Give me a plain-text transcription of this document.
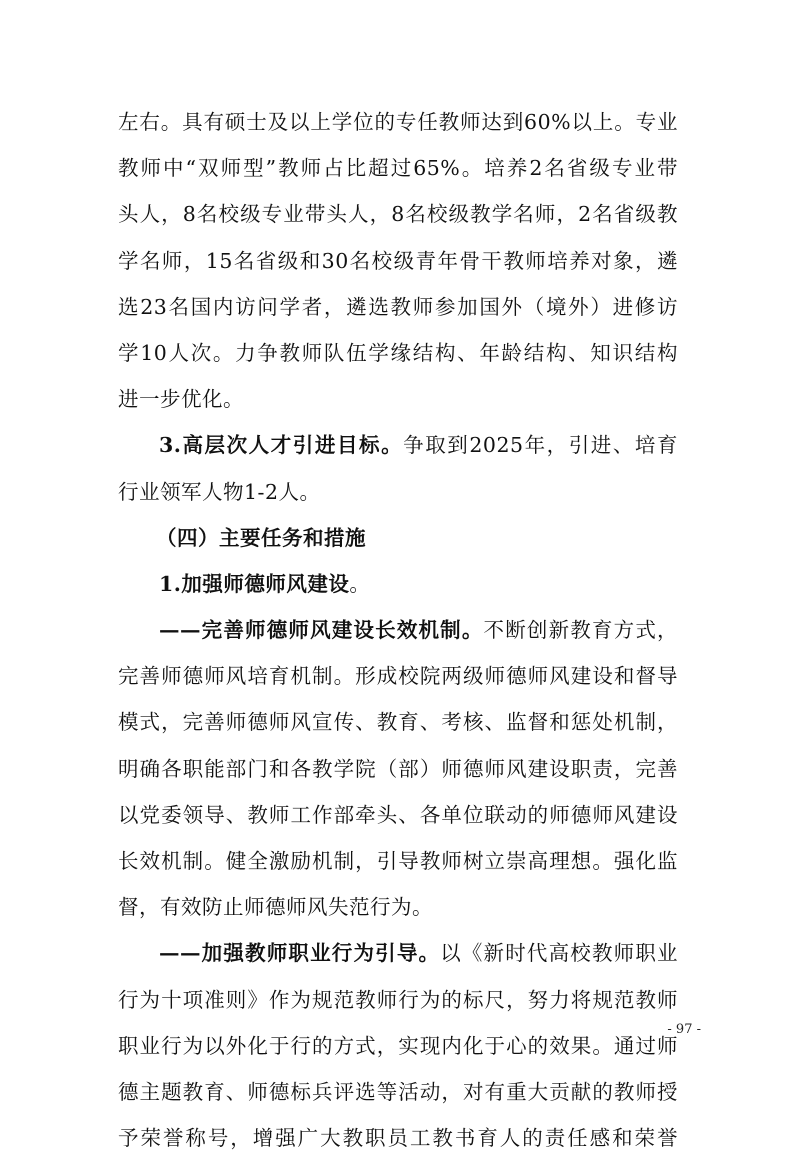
左右。具有硕士及以上学位的专任教师达到60%以上。专业
教师中“双师型”教师占比超过65%。培养2名省级专业带
头人，8名校级专业带头人，8名校级教学名师，2名省级教
学名师，15名省级和30名校级青年骨干教师培养对象，遴
选23名国内访问学者，遴选教师参加国外（境外）进修访
学10人次。力争教师队伍学缘结构、年龄结构、知识结构
进一步优化。
3.高层次人才引进目标。争取到2025年，引进、培育
行业领军人物1-2人。
（四）主要任务和措施
1.加强师德师风建设。
——完善师德师风建设长效机制。不断创新教育方式，
完善师德师风培育机制。形成校院两级师德师风建设和督导
模式，完善师德师风宣传、教育、考核、监督和惩处机制，
明确各职能部门和各教学院（部）师德师风建设职责，完善
以党委领导、教师工作部牵头、各单位联动的师德师风建设
长效机制。健全激励机制，引导教师树立崇高理想。强化监
督，有效防止师德师风失范行为。
——加强教师职业行为引导。以《新时代高校教师职业
行为十项准则》作为规范教师行为的标尺，努力将规范教师
职业行为以外化于行的方式，实现内化于心的效果。通过师
德主题教育、师德标兵评选等活动，对有重大贡献的教师授
予荣誉称号，增强广大教职员工教书育人的责任感和荣誉
- 97 -
